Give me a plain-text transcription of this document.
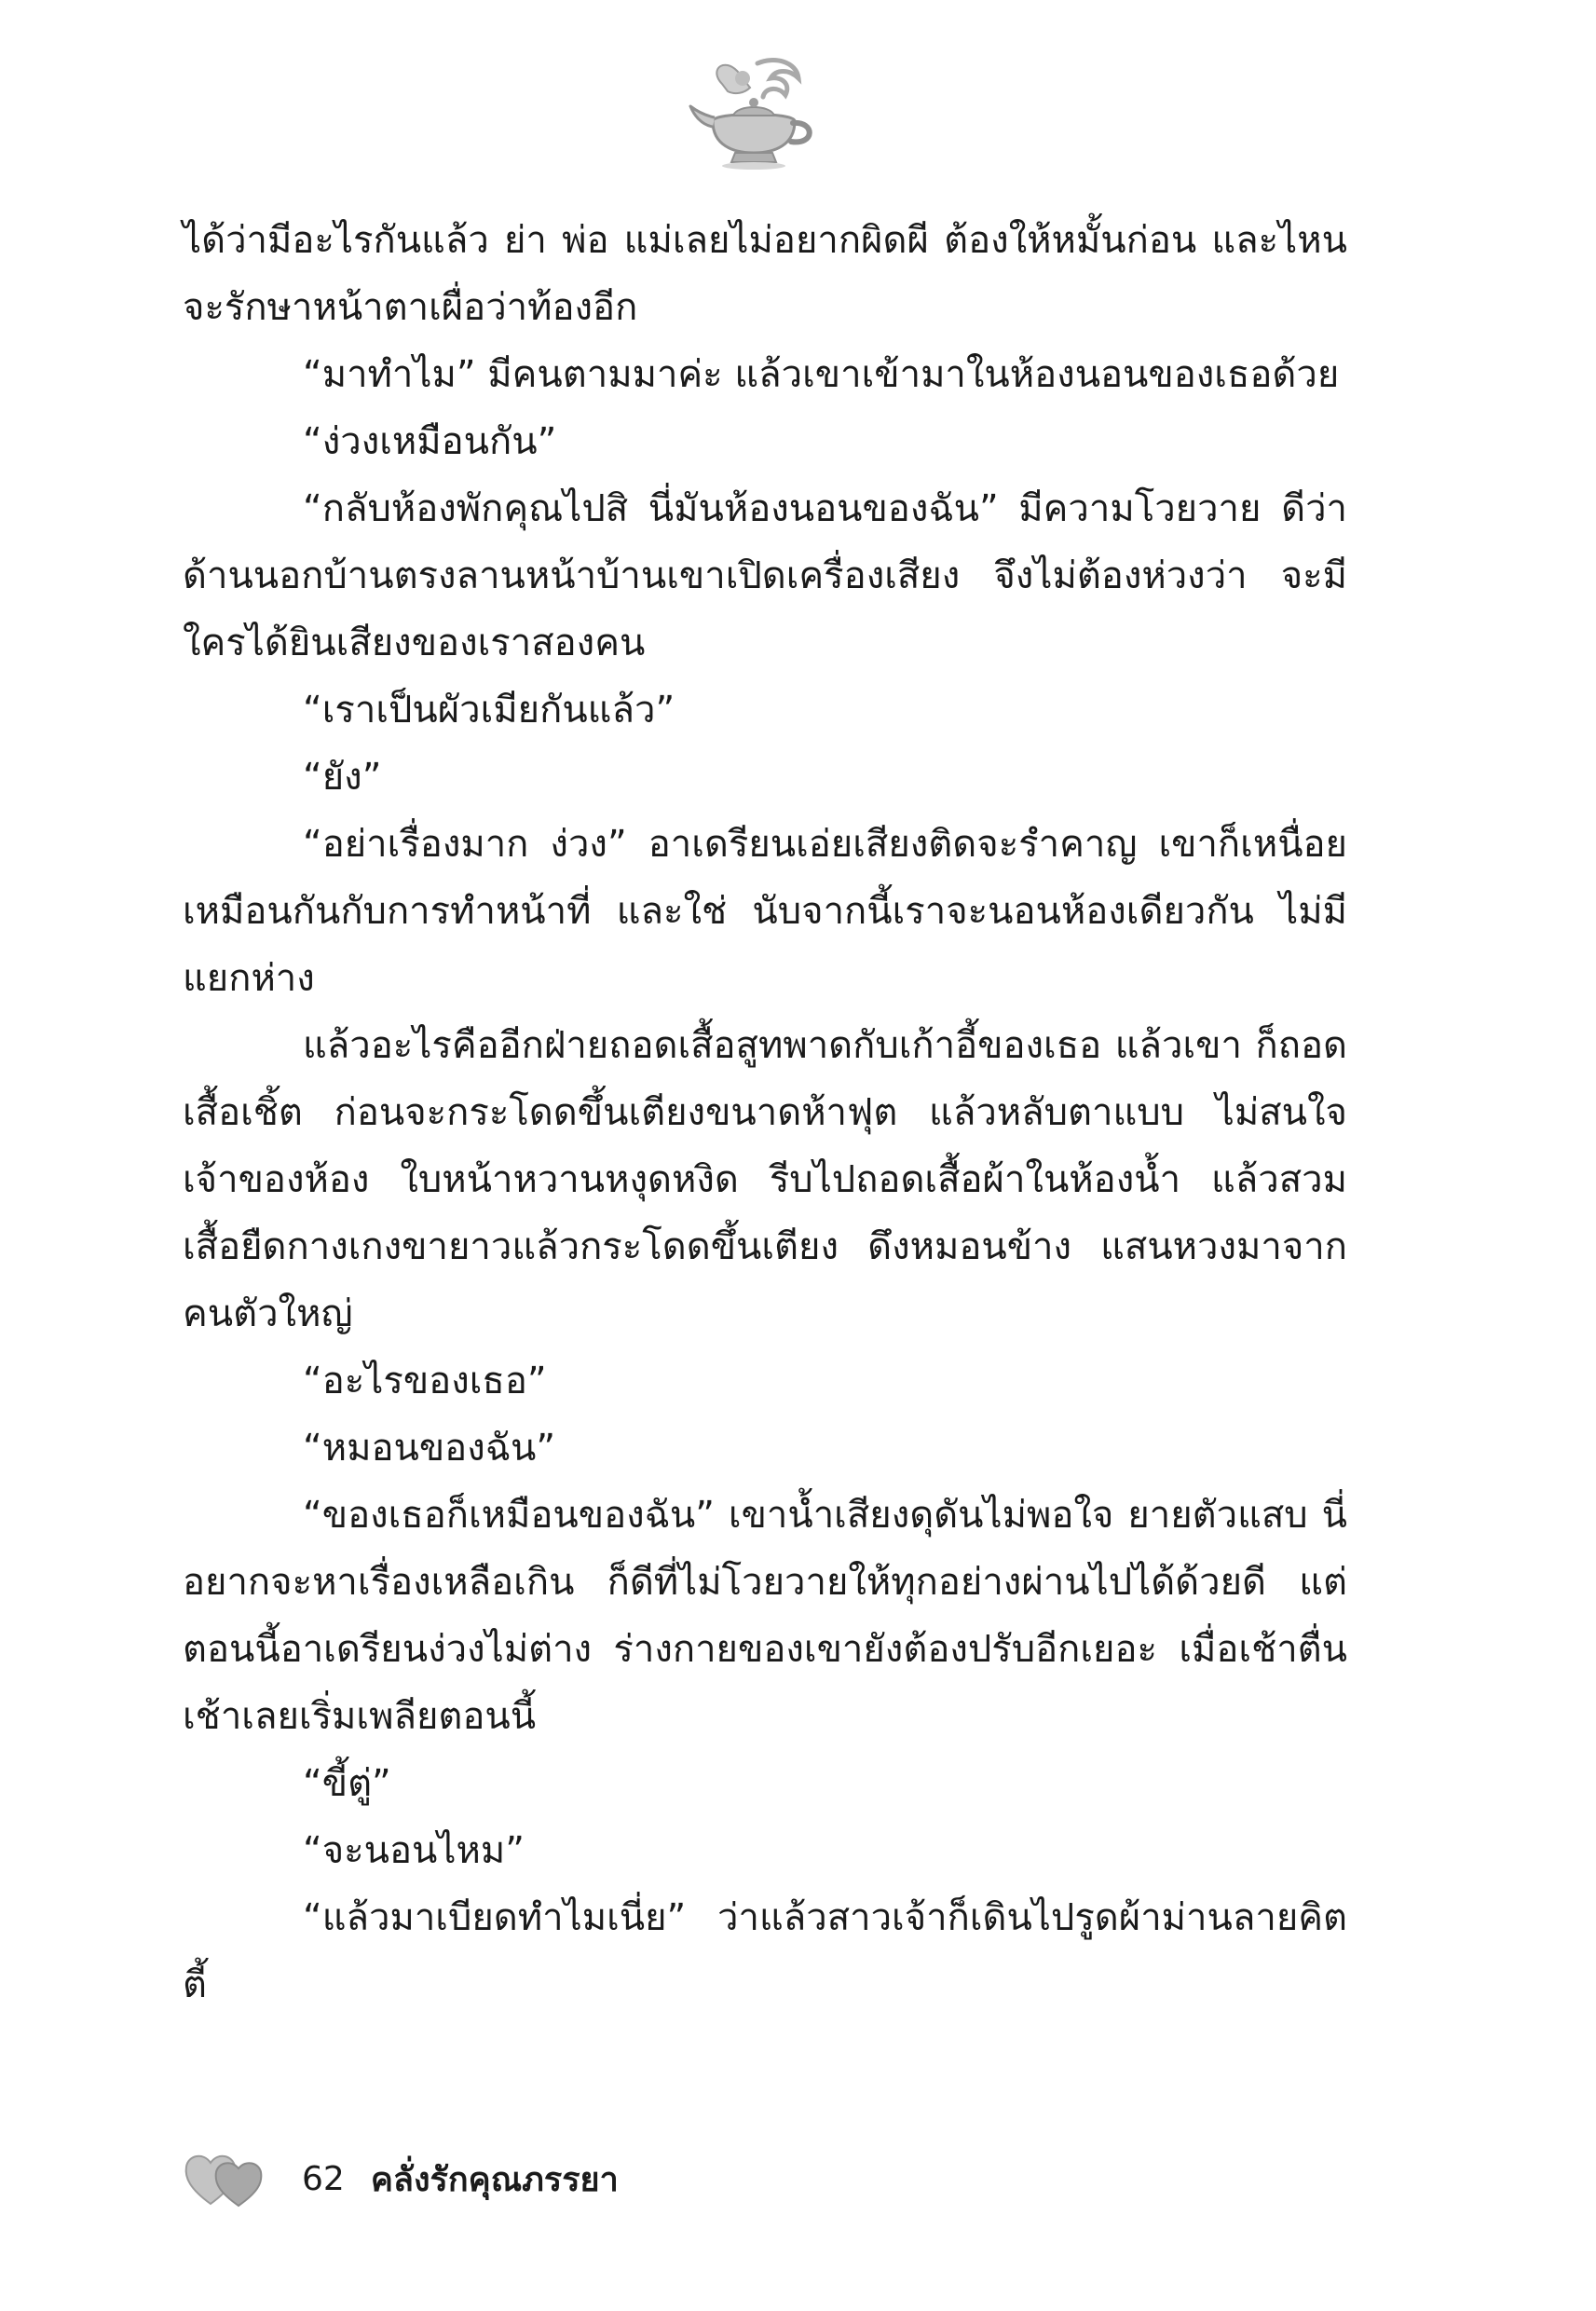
ได้ว่ามีอะไรกันแล้ว ย่า พ่อ แม่เลยไม่อยากผิดผี ต้องให้หมั้นก่อน และไหนจะรักษาหน้าตาเผื่อว่าท้องอีก

“มาทำไม” มีคนตามมาค่ะ แล้วเขาเข้ามาในห้องนอนของเธอด้วย

“ง่วงเหมือนกัน”

“กลับห้องพักคุณไปสิ นี่มันห้องนอนของฉัน” มีความโวยวาย ดีว่าด้านนอกบ้านตรงลานหน้าบ้านเขาเปิดเครื่องเสียง จึงไม่ต้องห่วงว่า จะมีใครได้ยินเสียงของเราสองคน

“เราเป็นผัวเมียกันแล้ว”

“ยัง”

“อย่าเรื่องมาก ง่วง” อาเดรียนเอ่ยเสียงติดจะรำคาญ เขาก็เหนื่อย เหมือนกันกับการทำหน้าที่ และใช่ นับจากนี้เราจะนอนห้องเดียวกัน ไม่มีแยกห่าง

แล้วอะไรคืออีกฝ่ายถอดเสื้อสูทพาดกับเก้าอี้ของเธอ แล้วเขา ก็ถอดเสื้อเชิ้ต ก่อนจะกระโดดขึ้นเตียงขนาดห้าฟุต แล้วหลับตาแบบ ไม่สนใจเจ้าของห้อง ใบหน้าหวานหงุดหงิด รีบไปถอดเสื้อผ้าในห้องน้ำ แล้วสวมเสื้อยืดกางเกงขายาวแล้วกระโดดขึ้นเตียง ดึงหมอนข้าง แสนหวงมาจากคนตัวใหญ่

“อะไรของเธอ”

“หมอนของฉัน”

“ของเธอก็เหมือนของฉัน” เขาน้ำเสียงดุดันไม่พอใจ ยายตัวแสบ นี่อยากจะหาเรื่องเหลือเกิน ก็ดีที่ไม่โวยวายให้ทุกอย่างผ่านไปได้ด้วยดี แต่ตอนนี้อาเดรียนง่วงไม่ต่าง ร่างกายของเขายังต้องปรับอีกเยอะ เมื่อเช้าตื่นเช้าเลยเริ่มเพลียตอนนี้

“ขี้ตู่”

“จะนอนไหม”

“แล้วมาเบียดทำไมเนี่ย” ว่าแล้วสาวเจ้าก็เดินไปรูดผ้าม่านลายคิตตี้

62 คลั่งรักคุณภรรยา
